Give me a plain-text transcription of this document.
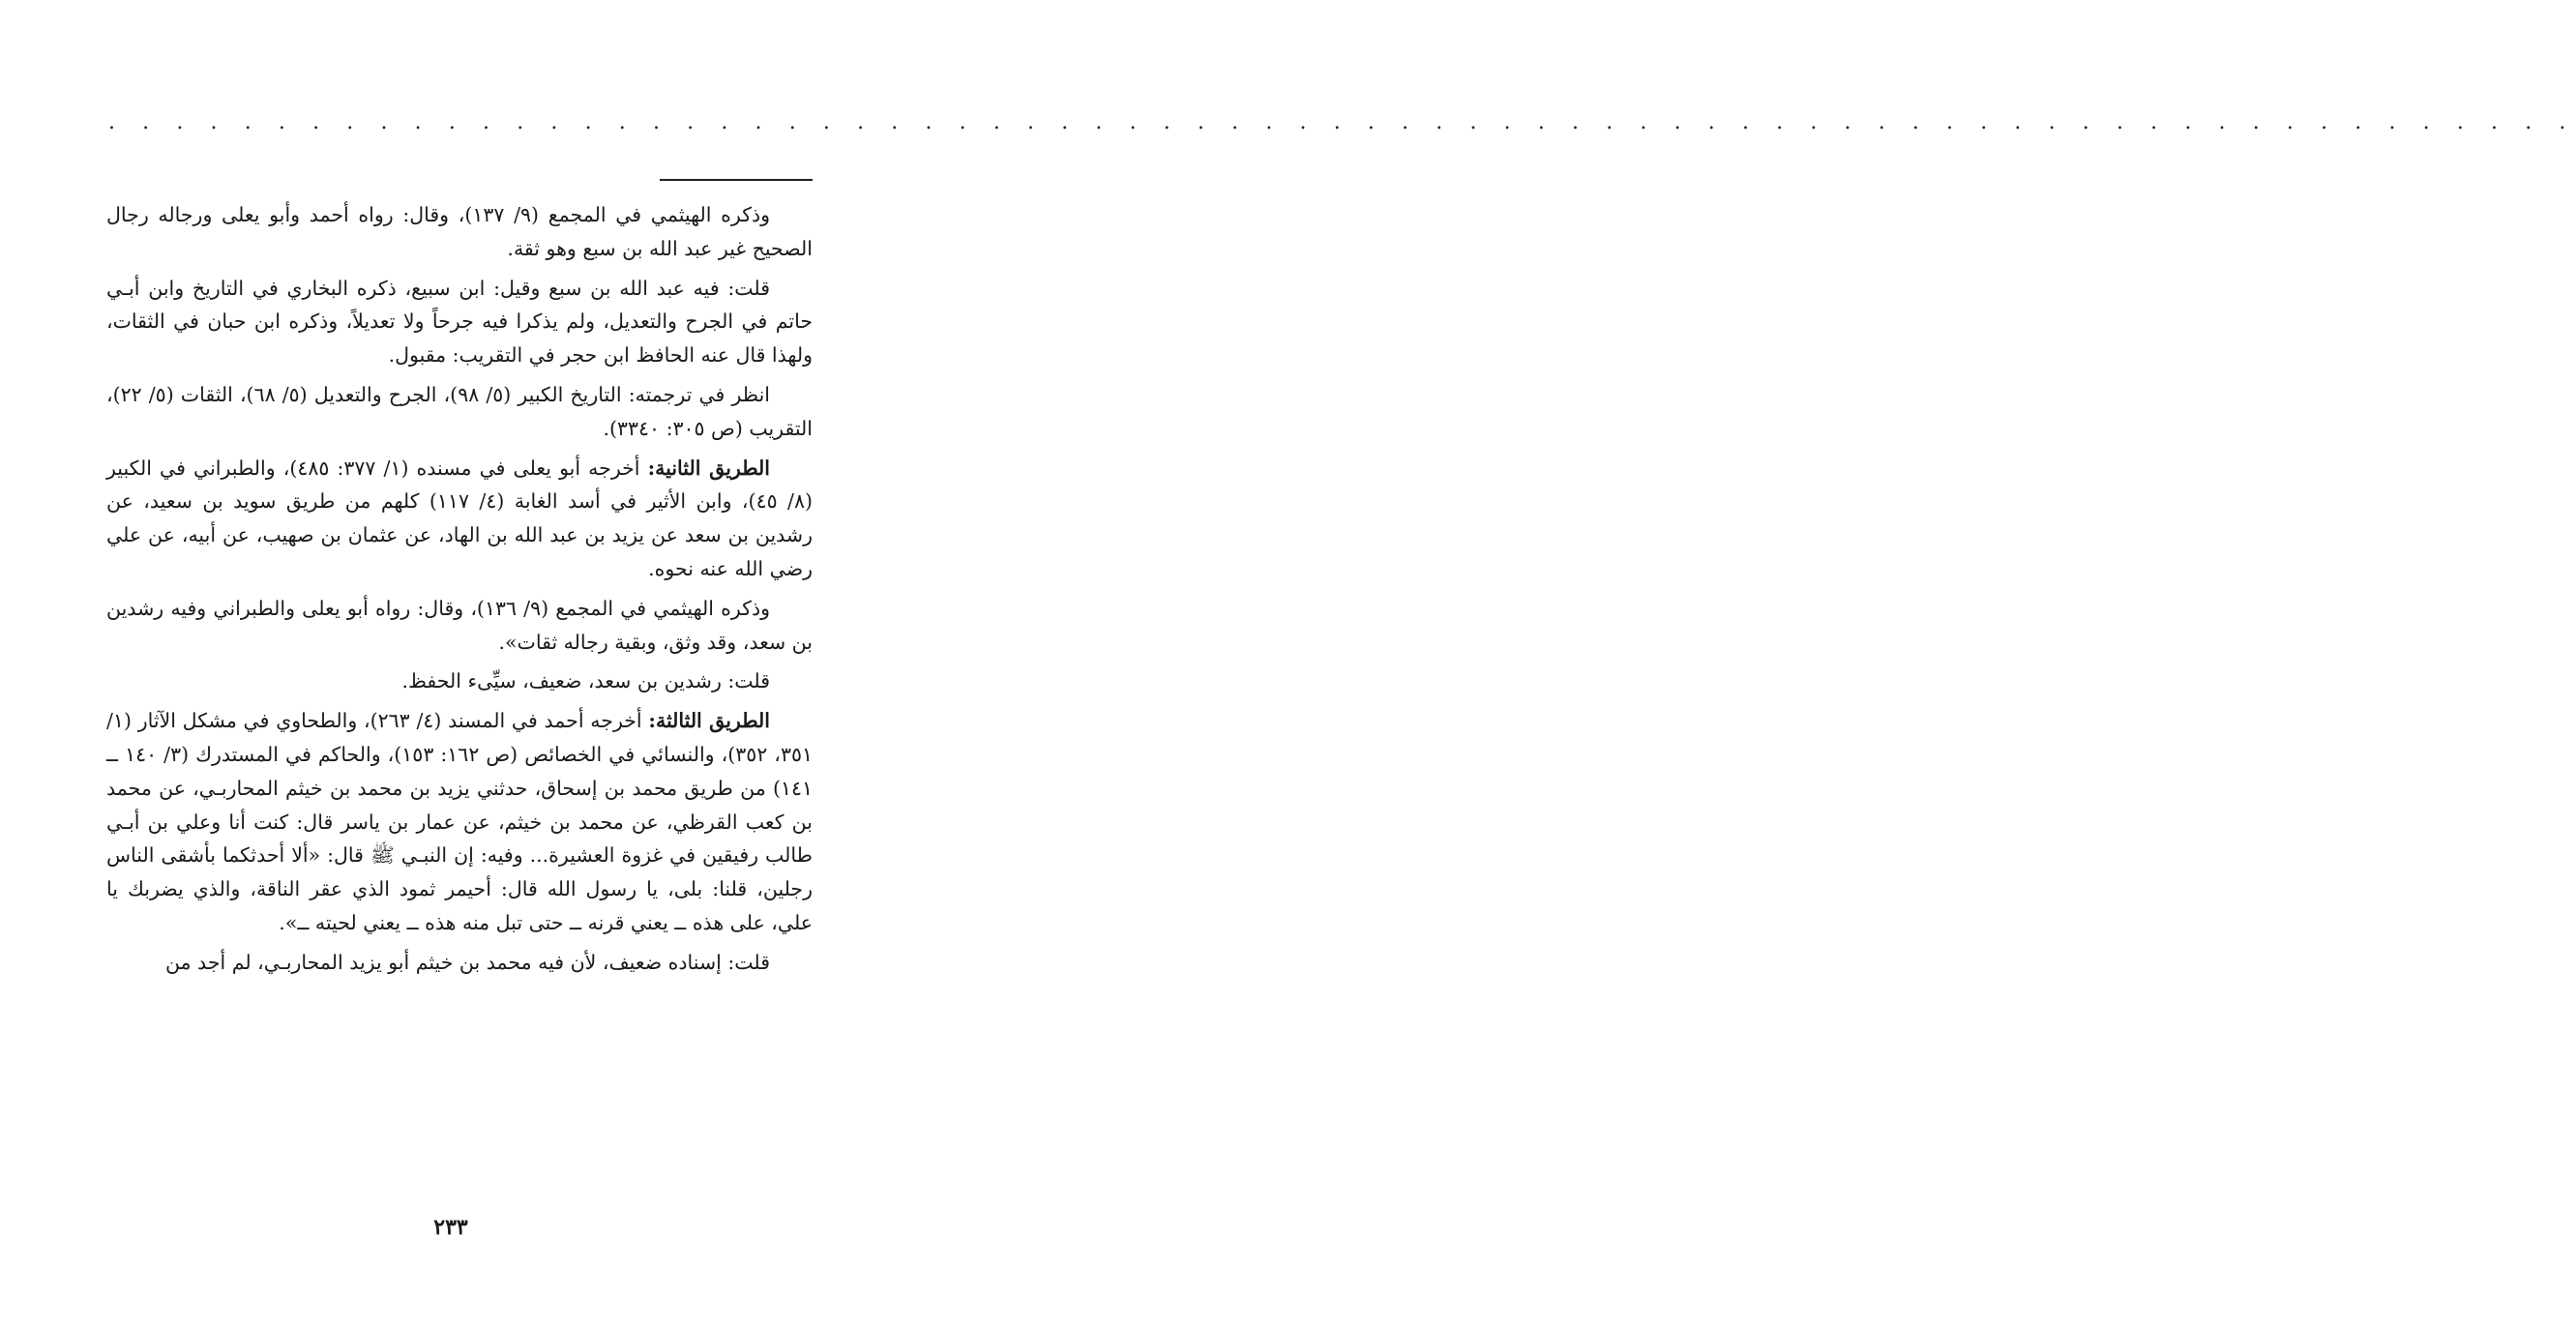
. . . . . . . . . . . . . . . . . . . . . . . . . . . . . . . . . . . . . . . . . . . . . . . . . . . . . . . . . . . . . . . . . . . . . . . . .

وذكره الهيثمي في المجمع (٩/ ١٣٧)، وقال: رواه أحمد وأبو يعلى ورجاله رجال الصحيح غير عبد الله بن سبع وهو ثقة.

قلت: فيه عبد الله بن سبع وقيل: ابن سبيع، ذكره البخاري في التاريخ وابن أبـي حاتم في الجرح والتعديل، ولم يذكرا فيه جرحاً ولا تعديلاً، وذكره ابن حبان في الثقات، ولهذا قال عنه الحافظ ابن حجر في التقريب: مقبول.

انظر في ترجمته: التاريخ الكبير (٥/ ٩٨)، الجرح والتعديل (٥/ ٦٨)، الثقات (٥/ ٢٢)، التقريب (ص ٣٠٥: ٣٣٤٠).

الطريق الثانية: أخرجه أبو يعلى في مسنده (١/ ٣٧٧: ٤٨٥)، والطبراني في الكبير (٨/ ٤٥)، وابن الأثير في أسد الغابة (٤/ ١١٧) كلهم من طريق سويد بن سعيد، عن رشدين بن سعد عن يزيد بن عبد الله بن الهاد، عن عثمان بن صهيب، عن أبيه، عن علي رضي الله عنه نحوه.

وذكره الهيثمي في المجمع (٩/ ١٣٦)، وقال: رواه أبو يعلى والطبراني وفيه رشدين بن سعد، وقد وثق، وبقية رجاله ثقات».

قلت: رشدين بن سعد، ضعيف، سيِّىء الحفظ.

الطريق الثالثة: أخرجه أحمد في المسند (٤/ ٢٦٣)، والطحاوي في مشكل الآثار (١/ ٣٥١، ٣٥٢)، والنسائي في الخصائص (ص ١٦٢: ١٥٣)، والحاكم في المستدرك (٣/ ١٤٠ ــ ١٤١) من طريق محمد بن إسحاق، حدثني يزيد بن محمد بن خيثم المحاربـي، عن محمد بن كعب القرظي، عن محمد بن خيثم، عن عمار بن ياسر قال: كنت أنا وعلي بن أبـي طالب رفيقين في غزوة العشيرة... وفيه: إن النبـي ﷺ قال: «ألا أحدثكما بأشقى الناس رجلين، قلنا: بلى، يا رسول الله قال: أحيمر ثمود الذي عقر الناقة، والذي يضربك يا علي، على هذه ــ يعني قرنه ــ حتى تبل منه هذه ــ يعني لحيته ــ».

قلت: إسناده ضعيف، لأن فيه محمد بن خيثم أبو يزيد المحاربـي، لم أجد من

٢٣٣
